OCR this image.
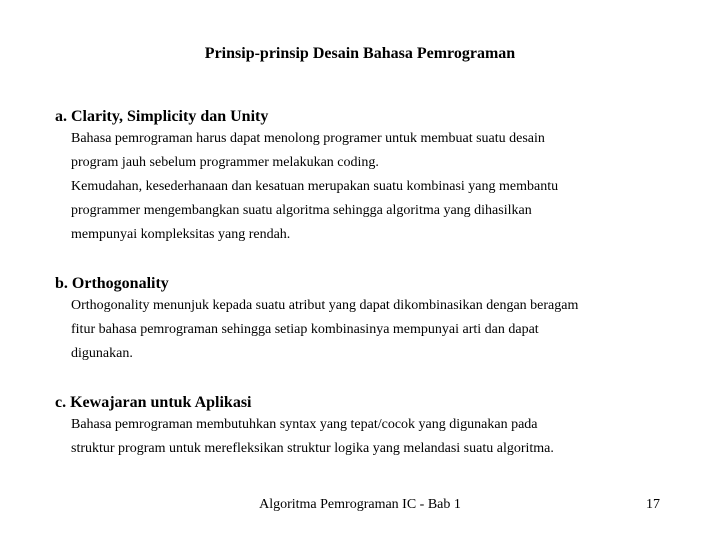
Prinsip-prinsip Desain Bahasa Pemrograman
a. Clarity, Simplicity dan Unity
Bahasa pemrograman harus dapat menolong programer untuk membuat suatu desain
program jauh sebelum programmer melakukan coding.
Kemudahan, kesederhanaan dan kesatuan merupakan suatu kombinasi yang membantu
programmer mengembangkan suatu algoritma sehingga algoritma yang dihasilkan
mempunyai kompleksitas yang rendah.
b. Orthogonality
Orthogonality menunjuk kepada suatu atribut yang dapat dikombinasikan dengan beragam
fitur bahasa pemrograman sehingga setiap kombinasinya mempunyai arti dan dapat
digunakan.
c. Kewajaran untuk Aplikasi
Bahasa pemrograman membutuhkan syntax yang tepat/cocok yang digunakan pada
struktur program untuk merefleksikan struktur logika yang melandasi suatu algoritma.
Algoritma Pemrograman IC - Bab 1	17
